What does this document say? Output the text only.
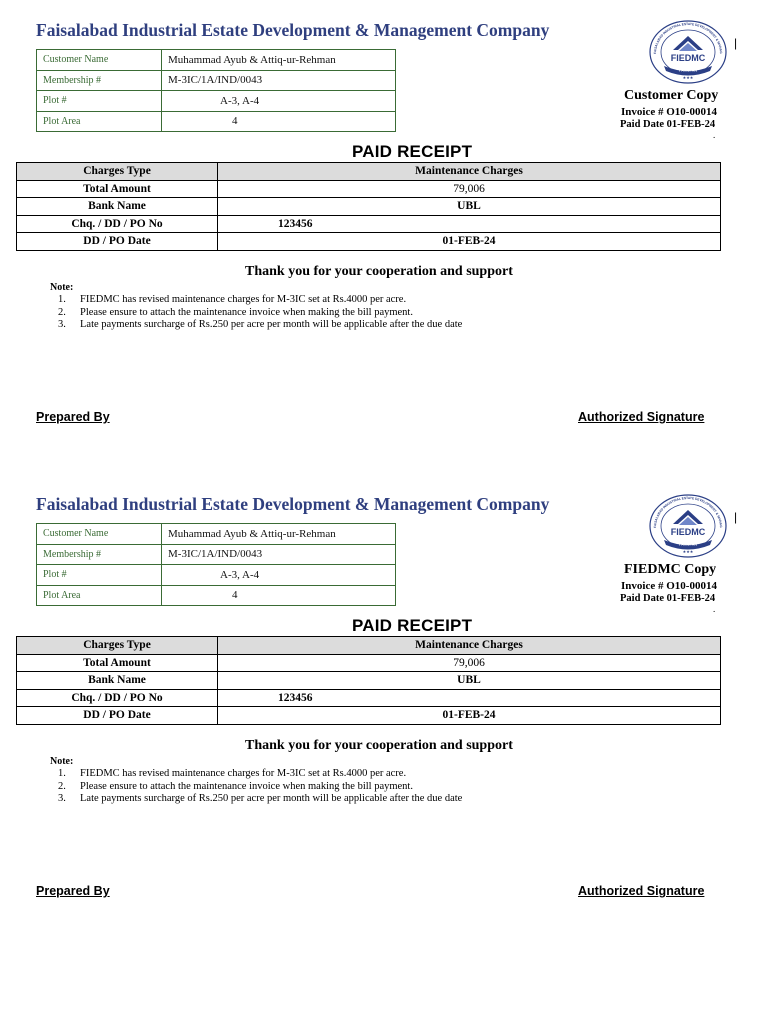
Faisalabad Industrial Estate Development & Management Company
Customer Name	Muhammad Ayub & Attiq-ur-Rehman
Membership #	M-3IC/1A/IND/0043
Plot #	A-3, A-4
Plot Area	4
FAISALABAD INDUSTRIAL ESTATE DEVELOPMENT & MANAG
FIEDMC
PAKISTAN
★★★
|
Customer Copy
Invoice # O10-00014
Paid Date 01-FEB-24
.
PAID RECEIPT
Charges Type	Maintenance Charges
Total Amount	79,006
Bank Name	UBL
Chq. / DD / PO No	123456
DD / PO Date	01-FEB-24
Thank you for your cooperation and support
Note:
1. FIEDMC has revised maintenance charges for M-3IC set at Rs.4000 per acre.
2. Please ensure to attach the maintenance invoice when making the bill payment.
3. Late payments surcharge of Rs.250 per acre per month will be applicable after the due date
Prepared By	Authorized Signature
Faisalabad Industrial Estate Development & Management Company
Customer Name	Muhammad Ayub & Attiq-ur-Rehman
Membership #	M-3IC/1A/IND/0043
Plot #	A-3, A-4
Plot Area	4
FAISALABAD INDUSTRIAL ESTATE DEVELOPMENT & MANAG
FIEDMC
PAKISTAN
★★★
|
FIEDMC Copy
Invoice # O10-00014
Paid Date 01-FEB-24
.
PAID RECEIPT
Charges Type	Maintenance Charges
Total Amount	79,006
Bank Name	UBL
Chq. / DD / PO No	123456
DD / PO Date	01-FEB-24
Thank you for your cooperation and support
Note:
1. FIEDMC has revised maintenance charges for M-3IC set at Rs.4000 per acre.
2. Please ensure to attach the maintenance invoice when making the bill payment.
3. Late payments surcharge of Rs.250 per acre per month will be applicable after the due date
Prepared By	Authorized Signature
